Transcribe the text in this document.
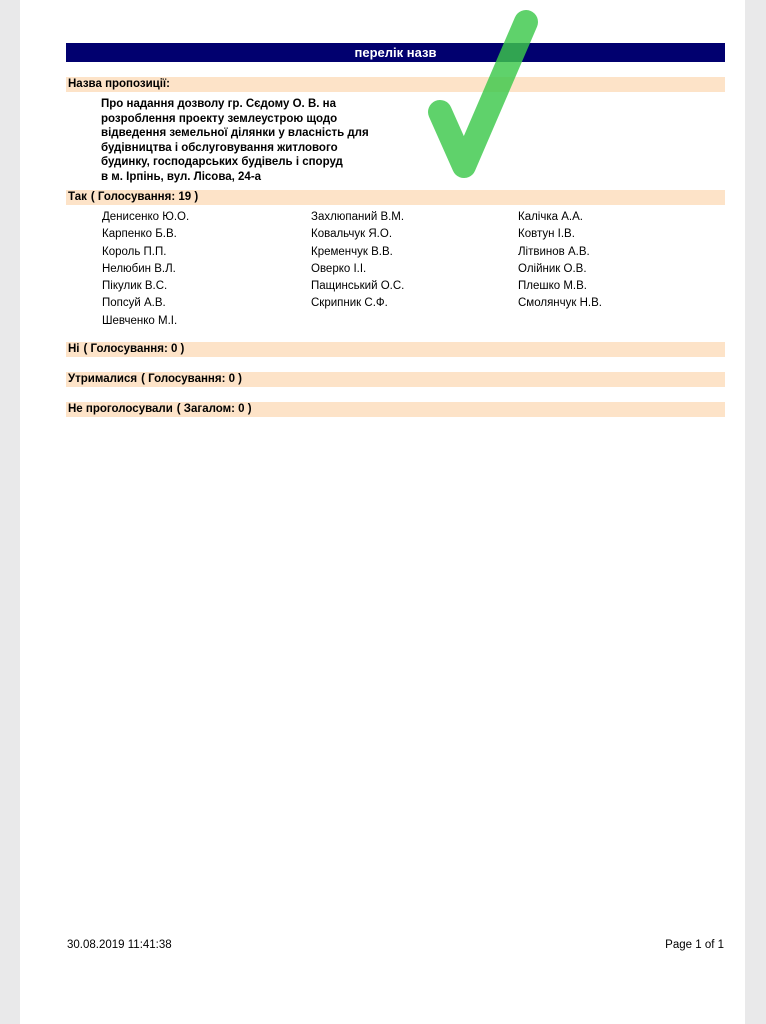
перелік назв
Назва пропозиції:

Про надання дозволу гр. Сєдому О. В. на
розроблення проекту землеустрою щодо
відведення земельної ділянки у власність для
будівництва і обслуговування житлового
будинку, господарських будівель і споруд
в м. Ірпінь, вул. Лісова, 24-а

Так ( Голосування: 19 )
Денисенко Ю.О.	Захлюпаний В.М.	Калічка А.А.
Карпенко Б.В.	Ковальчук Я.О.	Ковтун І.В.
Король П.П.	Кременчук В.В.	Літвинов А.В.
Нелюбин В.Л.	Оверко І.І.	Олійник О.В.
Пікулик В.С.	Пащинський О.С.	Плешко М.В.
Попсуй А.В.	Скрипник С.Ф.	Смолянчук Н.В.
Шевченко М.І.
Ні ( Голосування: 0 )
Утрималися ( Голосування: 0 )
Не проголосували ( Загалом: 0 )
30.08.2019 11:41:38	Page 1 of 1
